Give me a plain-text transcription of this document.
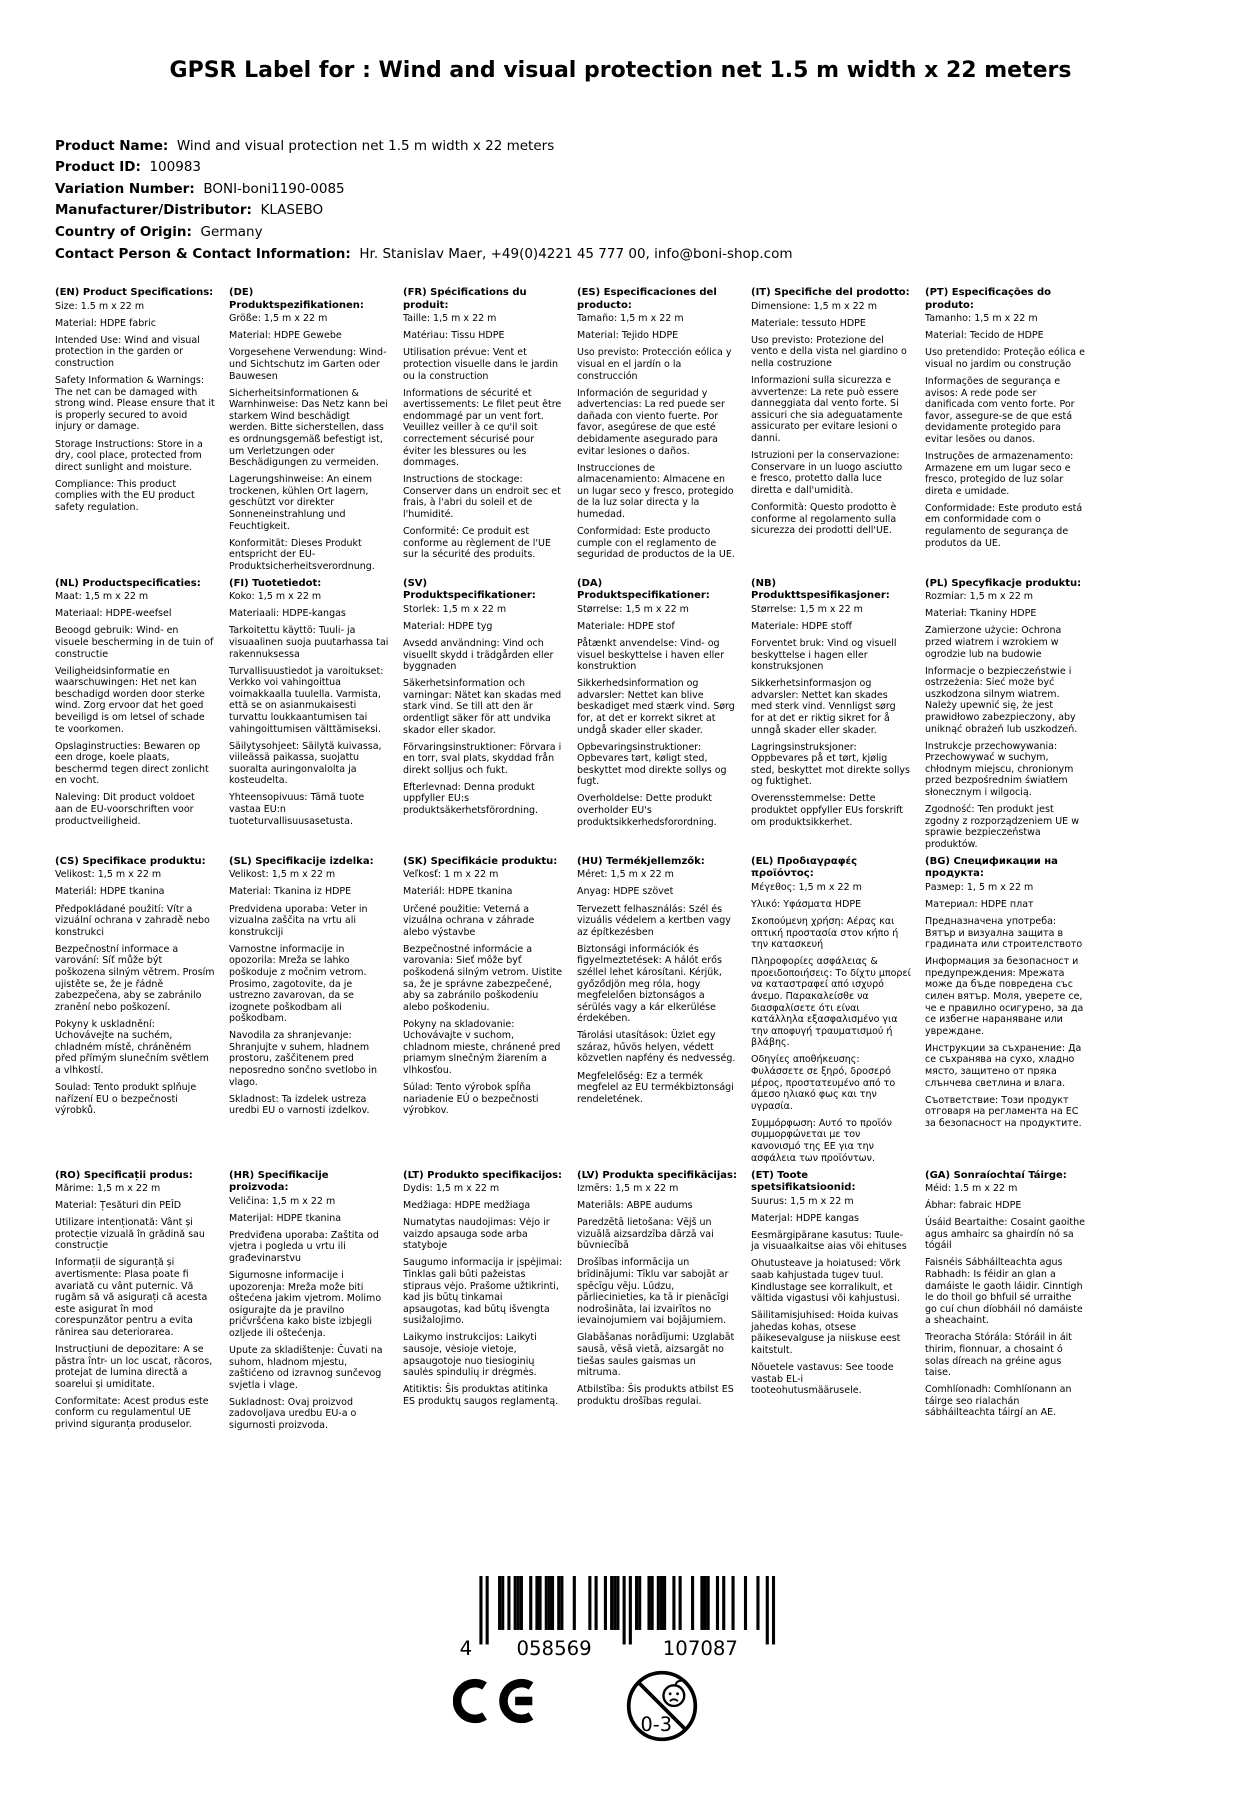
GPSR Label for : Wind and visual protection net 1.5 m width x 22 meters
Product Name:  Wind and visual protection net 1.5 m width x 22 meters
Product ID:  100983
Variation Number:  BONI-boni1190-0085
Manufacturer/Distributor:  KLASEBO
Country of Origin:  Germany
Contact Person & Contact Information:  Hr. Stanislav Maer, +49(0)4221 45 777 00, info@boni-shop.com
(EN) Product Specifications:

Size: 1.5 m x 22 m

Material: HDPE fabric

Intended Use: Wind and visual protection in the garden or construction

Safety Information & Warnings: The net can be damaged with strong wind. Please ensure that it is properly secured to avoid injury or damage.

Storage Instructions: Store in a dry, cool place, protected from direct sunlight and moisture.

Compliance: This product complies with the EU product safety regulation.

(DE) Produktspezifikationen:

Größe: 1,5 m x 22 m

Material: HDPE Gewebe

Vorgesehene Verwendung: Wind- und Sichtschutz im Garten oder Bauwesen

Sicherheitsinformationen & Warnhinweise: Das Netz kann bei starkem Wind beschädigt werden. Bitte sicherstellen, dass es ordnungsgemäß befestigt ist, um Verletzungen oder Beschädigungen zu vermeiden.

Lagerungshinweise: An einem trockenen, kühlen Ort lagern, geschützt vor direkter Sonneneinstrahlung und Feuchtigkeit.

Konformität: Dieses Produkt entspricht der EU-Produktsicherheitsverordnung.

(FR) Spécifications du produit:

Taille: 1,5 m x 22 m

Matériau: Tissu HDPE

Utilisation prévue: Vent et protection visuelle dans le jardin ou la construction

Informations de sécurité et avertissements: Le filet peut être endommagé par un vent fort. Veuillez veiller à ce qu'il soit correctement sécurisé pour éviter les blessures ou les dommages.

Instructions de stockage: Conserver dans un endroit sec et frais, à l'abri du soleil et de l'humidité.

Conformité: Ce produit est conforme au règlement de l'UE sur la sécurité des produits.

(ES) Especificaciones del producto:

Tamaño: 1,5 m x 22 m

Material: Tejido HDPE

Uso previsto: Protección eólica y visual en el jardín o la construcción

Información de seguridad y advertencias: La red puede ser dañada con viento fuerte. Por favor, asegúrese de que esté debidamente asegurado para evitar lesiones o daños.

Instrucciones de almacenamiento: Almacene en un lugar seco y fresco, protegido de la luz solar directa y la humedad.

Conformidad: Este producto cumple con el reglamento de seguridad de productos de la UE.

(IT) Specifiche del prodotto:

Dimensione: 1,5 m x 22 m

Materiale: tessuto HDPE

Uso previsto: Protezione del vento e della vista nel giardino o nella costruzione

Informazioni sulla sicurezza e avvertenze: La rete può essere danneggiata dal vento forte. Si assicuri che sia adeguatamente assicurato per evitare lesioni o danni.

Istruzioni per la conservazione: Conservare in un luogo asciutto e fresco, protetto dalla luce diretta e dall'umidità.

Conformità: Questo prodotto è conforme al regolamento sulla sicurezza dei prodotti dell'UE.

(PT) Especificações do produto:

Tamanho: 1,5 m x 22 m

Material: Tecido de HDPE

Uso pretendido: Proteção eólica e visual no jardim ou construção

Informações de segurança e avisos: A rede pode ser danificada com vento forte. Por favor, assegure-se de que está devidamente protegido para evitar lesões ou danos.

Instruções de armazenamento: Armazene em um lugar seco e fresco, protegido de luz solar direta e umidade.

Conformidade: Este produto está em conformidade com o regulamento de segurança de produtos da UE.

(NL) Productspecificaties:

Maat: 1,5 m x 22 m

Materiaal: HDPE-weefsel

Beoogd gebruik: Wind- en visuele bescherming in de tuin of constructie

Veiligheidsinformatie en waarschuwingen: Het net kan beschadigd worden door sterke wind. Zorg ervoor dat het goed beveiligd is om letsel of schade te voorkomen.

Opslaginstructies: Bewaren op een droge, koele plaats, beschermd tegen direct zonlicht en vocht.

Naleving: Dit product voldoet aan de EU-voorschriften voor productveiligheid.

(FI) Tuotetiedot:

Koko: 1,5 m x 22 m

Materiaali: HDPE-kangas

Tarkoitettu käyttö: Tuuli- ja visuaalinen suoja puutarhassa tai rakennuksessa

Turvallisuustiedot ja varoitukset: Verkko voi vahingoittua voimakkaalla tuulella. Varmista, että se on asianmukaisesti turvattu loukkaantumisen tai vahingoittumisen välttämiseksi.

Säilytysohjeet: Säilytä kuivassa, viileässä paikassa, suojattu suoralta auringonvalolta ja kosteudelta.

Yhteensopivuus: Tämä tuote vastaa EU:n tuoteturvallisuusasetusta.

(SV) Produktspecifikationer:

Storlek: 1,5 m x 22 m

Material: HDPE tyg

Avsedd användning: Vind och visuellt skydd i trädgården eller byggnaden

Säkerhetsinformation och varningar: Nätet kan skadas med stark vind. Se till att den är ordentligt säker för att undvika skador eller skador.

Förvaringsinstruktioner: Förvara i en torr, sval plats, skyddad från direkt solljus och fukt.

Efterlevnad: Denna produkt uppfyller EU:s produktsäkerhetsförordning.

(DA) Produktspecifikationer:

Størrelse: 1,5 m x 22 m

Materiale: HDPE stof

Påtænkt anvendelse: Vind- og visuel beskyttelse i haven eller konstruktion

Sikkerhedsinformation og advarsler: Nettet kan blive beskadiget med stærk vind. Sørg for, at det er korrekt sikret at undgå skader eller skader.

Opbevaringsinstruktioner: Opbevares tørt, køligt sted, beskyttet mod direkte sollys og fugt.

Overholdelse: Dette produkt overholder EU's produktsikkerhedsforordning.

(NB) Produkttspesifikasjoner:

Størrelse: 1,5 m x 22 m

Materiale: HDPE stoff

Forventet bruk: Vind og visuell beskyttelse i hagen eller konstruksjonen

Sikkerhetsinformasjon og advarsler: Nettet kan skades med sterk vind. Vennligst sørg for at det er riktig sikret for å unngå skader eller skader.

Lagringsinstruksjoner: Oppbevares på et tørt, kjølig sted, beskyttet mot direkte sollys og fuktighet.

Overensstemmelse: Dette produktet oppfyller EUs forskrift om produktsikkerhet.

(PL) Specyfikacje produktu:

Rozmiar: 1,5 m x 22 m

Materiał: Tkaniny HDPE

Zamierzone użycie: Ochrona przed wiatrem i wzrokiem w ogrodzie lub na budowie

Informacje o bezpieczeństwie i ostrzeżenia: Sieć może być uszkodzona silnym wiatrem. Należy upewnić się, że jest prawidłowo zabezpieczony, aby uniknąć obrażeń lub uszkodzeń.

Instrukcje przechowywania: Przechowywać w suchym, chłodnym miejscu, chronionym przed bezpośrednim światłem słonecznym i wilgocią.

Zgodność: Ten produkt jest zgodny z rozporządzeniem UE w sprawie bezpieczeństwa produktów.

(CS) Specifikace produktu:

Velikost: 1,5 m x 22 m

Materiál: HDPE tkanina

Předpokládané použití: Vítr a vizuální ochrana v zahradě nebo konstrukci

Bezpečnostní informace a varování: Síť může být poškozena silným větrem. Prosím ujistěte se, že je řádně zabezpečena, aby se zabránilo zranění nebo poškození.

Pokyny k uskladnění: Uchovávejte na suchém, chladném místě, chráněném před přímým slunečním světlem a vlhkostí.

Soulad: Tento produkt splňuje nařízení EU o bezpečnosti výrobků.

(SL) Specifikacije izdelka:

Velikost: 1,5 m x 22 m

Material: Tkanina iz HDPE

Predvidena uporaba: Veter in vizualna zaščita na vrtu ali konstrukciji

Varnostne informacije in opozorila: Mreža se lahko poškoduje z močnim vetrom. Prosimo, zagotovite, da je ustrezno zavarovan, da se izognete poškodbam ali poškodbam.

Navodila za shranjevanje: Shranjujte v suhem, hladnem prostoru, zaščitenem pred neposredno sončno svetlobo in vlago.

Skladnost: Ta izdelek ustreza uredbi EU o varnosti izdelkov.

(SK) Špecifikácie produktu:

Veľkosť: 1 m x 22 m

Materiál: HDPE tkanina

Určené použitie: Veterná a vizuálna ochrana v záhrade alebo výstavbe

Bezpečnostné informácie a varovania: Sieť môže byť poškodená silným vetrom. Uistite sa, že je správne zabezpečené, aby sa zabránilo poškodeniu alebo poškodeniu.

Pokyny na skladovanie: Uchovávajte v suchom, chladnom mieste, chránené pred priamym slnečným žiarením a vlhkosťou.

Súlad: Tento výrobok spĺňa nariadenie EÚ o bezpečnosti výrobkov.

(HU) Termékjellemzők:

Méret: 1,5 m x 22 m

Anyag: HDPE szövet

Tervezett felhasználás: Szél és vizuális védelem a kertben vagy az építkezésben

Biztonsági információk és figyelmeztetések: A hálót erős széllel lehet károsítani. Kérjük, győződjön meg róla, hogy megfelelően biztonságos a sérülés vagy a kár elkerülése érdekében.

Tárolási utasítások: Üzlet egy száraz, hűvös helyen, védett közvetlen napfény és nedvesség.

Megfelelőség: Ez a termék megfelel az EU termékbiztonsági rendeletének.

(EL) Προδιαγραφές προϊόντος:

Μέγεθος: 1,5 m x 22 m

Υλικό: Υφάσματα HDPE

Σκοπούμενη χρήση: Αέρας και οπτική προστασία στον κήπο ή την κατασκευή

Πληροφορίες ασφάλειας & προειδοποιήσεις: Το δίχτυ μπορεί να καταστραφεί από ισχυρό άνεμο. Παρακαλείσθε να διασφαλίσετε ότι είναι κατάλληλα εξασφαλισμένο για την αποφυγή τραυματισμού ή βλάβης.

Οδηγίες αποθήκευσης: Φυλάσσετε σε ξηρό, δροσερό μέρος, προστατευμένο από το άμεσο ηλιακό φως και την υγρασία.

Συμμόρφωση: Αυτό το προϊόν συμμορφώνεται με τον κανονισμό της ΕΕ για την ασφάλεια των προϊόντων.

(BG) Спецификации на продукта:

Размер: 1, 5 m x 22 m

Материал: HDPE плат

Предназначена употреба: Вятър и визуална защита в градината или строителството

Информация за безопасност и предупреждения: Мрежата може да бъде повредена със силен вятър. Моля, уверете се, че е правилно осигурено, за да се избегне нараняване или увреждане.

Инструкции за съхранение: Да се съхранява на сухо, хладно място, защитено от пряка слънчева светлина и влага.

Съответствие: Този продукт отговаря на регламента на ЕС за безопасност на продуктите.

(RO) Specificații produs:

Mărime: 1,5 m x 22 m

Material: Țesături din PEÎD

Utilizare intenționată: Vânt și protecție vizuală în grădină sau construcție

Informații de siguranță și avertismente: Plasa poate fi avariată cu vânt puternic. Vă rugăm să vă asigurați că acesta este asigurat în mod corespunzător pentru a evita rănirea sau deteriorarea.

Instrucțiuni de depozitare: A se păstra într- un loc uscat, răcoros, protejat de lumina directă a soarelui și umiditate.

Conformitate: Acest produs este conform cu regulamentul UE privind siguranța produselor.

(HR) Specifikacije proizvoda:

Veličina: 1,5 m x 22 m

Materijal: HDPE tkanina

Predviđena uporaba: Zaštita od vjetra i pogleda u vrtu ili građevinarstvu

Sigurnosne informacije i upozorenja: Mreža može biti oštećena jakim vjetrom. Molimo osigurajte da je pravilno pričvršćena kako biste izbjegli ozljede ili oštećenja.

Upute za skladištenje: Čuvati na suhom, hladnom mjestu, zaštićeno od izravnog sunčevog svjetla i vlage.

Sukladnost: Ovaj proizvod zadovoljava uredbu EU-a o sigurnosti proizvoda.

(LT) Produkto specifikacijos:

Dydis: 1,5 m x 22 m

Medžiaga: HDPE medžiaga

Numatytas naudojimas: Vėjo ir vaizdo apsauga sode arba statyboje

Saugumo informacija ir įspėjimai: Tinklas gali būti pažeistas stipraus vėjo. Prašome užtikrinti, kad jis būtų tinkamai apsaugotas, kad būtų išvengta susižalojimo.

Laikymo instrukcijos: Laikyti sausoje, vėsioje vietoje, apsaugotoje nuo tiesioginių saulės spindulių ir drėgmės.

Atitiktis: Šis produktas atitinka ES produktų saugos reglamentą.

(LV) Produkta specifikācijas:

Izmērs: 1,5 m x 22 m

Materiāls: ABPE audums

Paredzētā lietošana: Vējš un vizuālā aizsardzība dārzā vai būvniecībā

Drošības informācija un brīdinājumi: Tīklu var sabojāt ar spēcīgu vēju. Lūdzu, pārliecinieties, ka tā ir pienācīgi nodrošināta, lai izvairītos no ievainojumiem vai bojājumiem.

Glabāšanas norādījumi: Uzglabāt sausā, vēsā vietā, aizsargāt no tiešas saules gaismas un mitruma.

Atbilstība: Šis produkts atbilst ES produktu drošības regulai.

(ET) Toote spetsifikatsioonid:

Suurus: 1,5 m x 22 m

Materjal: HDPE kangas

Eesmärgipärane kasutus: Tuule- ja visuaalkaitse aias või ehituses

Ohutusteave ja hoiatused: Võrk saab kahjustada tugev tuul. Kindlustage see korralikult, et vältida vigastusi või kahjustusi.

Säilitamisjuhised: Hoida kuivas jahedas kohas, otsese päikesevalguse ja niiskuse eest kaitstult.

Nõuetele vastavus: See toode vastab EL-i tooteohutusmäärusele.

(GA) Sonraíochtaí Táirge:

Méid: 1.5 m x 22 m

Ábhar: fabraic HDPE

Úsáid Beartaithe: Cosaint gaoithe agus amhairc sa ghairdín nó sa tógáil

Faisnéis Sábháilteachta agus Rabhadh: Is féidir an glan a damáiste le gaoth láidir. Cinntigh le do thoil go bhfuil sé urraithe go cuí chun díobháil nó damáiste a sheachaint.

Treoracha Stórála: Stóráil in áit thirim, fionnuar, a chosaint ó solas díreach na gréine agus taise.

Comhlíonadh: Comhlíonann an táirge seo rialachán sábháilteachta táirgí an AE.

4 058569	107087
0-3
